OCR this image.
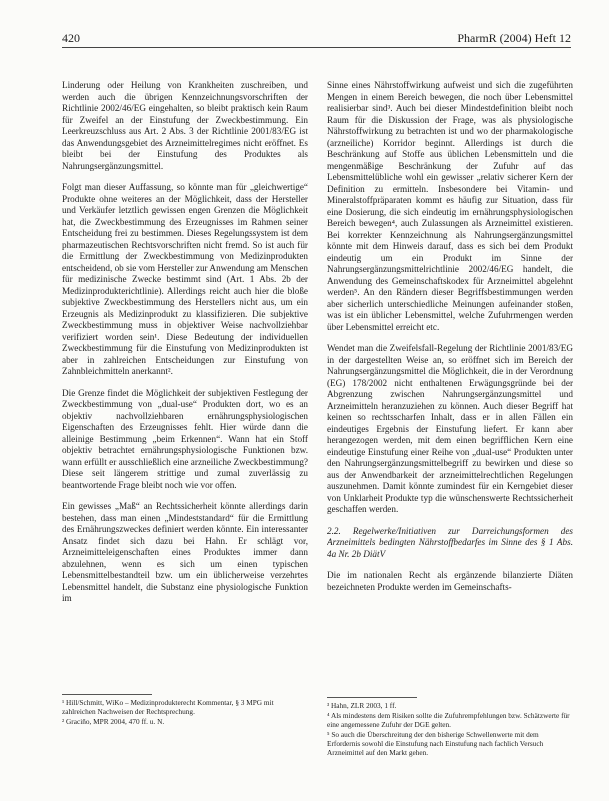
420	PharmR (2004) Heft 12

Linderung oder Heilung von Krankheiten zuschreiben, und werden auch die übrigen Kennzeichnungsvorschriften der Richtlinie 2002/46/EG eingehalten, so bleibt praktisch kein Raum für Zweifel an der Einstufung der Zweckbestimmung. Ein Leerkreuzschluss aus Art. 2 Abs. 3 der Richtlinie 2001/83/EG ist das Anwendungsgebiet des Arzneimittelregimes nicht eröffnet. Es bleibt bei der Einstufung des Produktes als Nahrungsergänzungsmittel.

Folgt man dieser Auffassung, so könnte man für „gleichwertige“ Produkte ohne weiteres an der Möglichkeit, dass der Hersteller und Verkäufer letztlich gewissen engen Grenzen die Möglichkeit hat, die Zweckbestimmung des Erzeugnisses im Rahmen seiner Entscheidung frei zu bestimmen. Dieses Regelungssystem ist dem pharmazeutischen Rechtsvorschriften nicht fremd. So ist auch für die Ermittlung der Zweckbestimmung von Medizinprodukten entscheidend, ob sie vom Hersteller zur Anwendung am Menschen für medizinische Zwecke bestimmt sind (Art. 1 Abs. 2b der Medizinprodukterichtlinie). Allerdings reicht auch hier die bloße subjektive Zweckbestimmung des Herstellers nicht aus, um ein Erzeugnis als Medizinprodukt zu klassifizieren. Die subjektive Zweckbestimmung muss in objektiver Weise nachvollziehbar verifiziert worden sein¹. Diese Bedeutung der individuellen Zweckbestimmung für die Einstufung von Medizinprodukten ist aber in zahlreichen Entscheidungen zur Einstufung von Zahnbleichmitteln anerkannt².

Die Grenze findet die Möglichkeit der subjektiven Festlegung der Zweckbestimmung von „dual-use“ Produkten dort, wo es an objektiv nachvollziehbaren ernährungsphysiologischen Eigenschaften des Erzeugnisses fehlt. Hier würde dann die alleinige Bestimmung „beim Erkennen“. Wann hat ein Stoff objektiv betrachtet ernährungsphysiologische Funktionen bzw. wann erfüllt er ausschließlich eine arzneiliche Zweckbestimmung? Diese seit längerem strittige und zumal zuverlässig zu beantwortende Frage bleibt noch wie vor offen.

Ein gewisses „Maß“ an Rechtssicherheit könnte allerdings darin bestehen, dass man einen „Mindeststandard“ für die Ermittlung des Ernährungszweckes definiert werden könnte. Ein interessanter Ansatz findet sich dazu bei Hahn. Er schlägt vor, Arzneimitteleigenschaften eines Produktes immer dann abzulehnen, wenn es sich um einen typischen Lebensmittelbestandteil bzw. um ein üblicherweise verzehrtes Lebensmittel handelt, die Substanz eine physiologische Funktion im

Sinne eines Nährstoffwirkung aufweist und sich die zugeführten Mengen in einem Bereich bewegen, die noch über Lebensmittel realisierbar sind³. Auch bei dieser Mindestdefinition bleibt noch Raum für die Diskussion der Frage, was als physiologische Nährstoffwirkung zu betrachten ist und wo der pharmakologische (arzneiliche) Korridor beginnt. Allerdings ist durch die Beschränkung auf Stoffe aus üblichen Lebensmitteln und die mengenmäßige Beschränkung der Zufuhr auf das Lebensmittelübliche wohl ein gewisser „relativ sicherer Kern der Definition zu ermitteln. Insbesondere bei Vitamin- und Mineralstoffpräparaten kommt es häufig zur Situation, dass für eine Dosierung, die sich eindeutig im ernährungsphysiologischen Bereich bewegen⁴, auch Zulassungen als Arzneimittel existieren. Bei korrekter Kennzeichnung als Nahrungsergänzungsmittel könnte mit dem Hinweis darauf, dass es sich bei dem Produkt eindeutig um ein Produkt im Sinne der Nahrungsergänzungsmittelrichtlinie 2002/46/EG handelt, die Anwendung des Gemeinschaftskodex für Arzneimittel abgelehnt werden⁵. An den Rändern dieser Begriffsbestimmungen werden aber sicherlich unterschiedliche Meinungen aufeinander stoßen, was ist ein üblicher Lebensmittel, welche Zufuhrmengen werden über Lebensmittel erreicht etc.

Wendet man die Zweifelsfall-Regelung der Richtlinie 2001/83/EG in der dargestellten Weise an, so eröffnet sich im Bereich der Nahrungsergänzungsmittel die Möglichkeit, die in der Verordnung (EG) 178/2002 nicht enthaltenen Erwägungsgründe bei der Abgrenzung zwischen Nahrungsergänzungsmittel und Arzneimitteln heranzuziehen zu können. Auch dieser Begriff hat keinen so rechtsscharfen Inhalt, dass er in allen Fällen ein eindeutiges Ergebnis der Einstufung liefert. Er kann aber herangezogen werden, mit dem einen begrifflichen Kern eine eindeutige Einstufung einer Reihe von „dual-use“ Produkten unter den Nahrungsergänzungsmittelbegriff zu bewirken und diese so aus der Anwendbarkeit der arzneimittelrechtlichen Regelungen auszunehmen. Damit könnte zumindest für ein Kerngebiet dieser von Unklarheit Produkte typ die wünschenswerte Rechtssicherheit geschaffen werden.

2.2. Regelwerke/Initiativen zur Darreichungsformen des Arzneimittels bedingten Nährstoffbedarfes im Sinne des § 1 Abs. 4a Nr. 2b DiätV

Die im nationalen Recht als ergänzende bilanzierte Diäten bezeichneten Produkte werden im Gemeinschafts-

¹ Hill/Schmitt, WiKo – Medizinprodukterecht Kommentar, § 3 MPG mit zahlreichen Nachweisen der Rechtsprechung.
² Graciño, MPR 2004, 470 ff. u. N.
³ Hahn, ZLR 2003, 1 ff.
⁴ Als mindestens dem Risiken sollte die Zufuhrempfehlungen bzw. Schätzwerte für eine angemessene Zufuhr der DGE gelten.
⁵ So auch die Überschreitung der den bisherige Schwellenwerte mit dem Erfordernis sowohl die Einstufung nach Einstufung nach fachlich Versuch Arzneimittel auf den Markt gehen.
